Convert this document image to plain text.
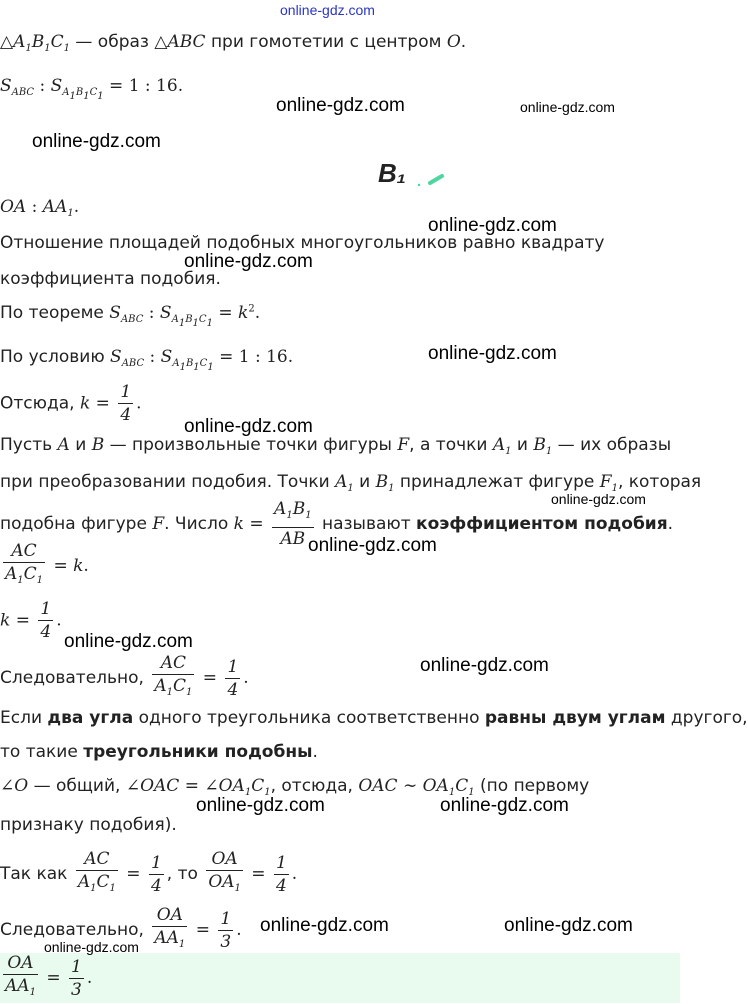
online-gdz.com
$\triangle A_1B_1C_1$ — образ △ABC при гомотетии с центром O.
$S_{ABC}$ : $S_{A_1B_1C_1} = 1$ : 16.
B₁
OA : $AA_1$.
Отношение площадей подобных многоугольников равно квадрату
коэффициента подобия.
По теореме $S_{ABC}$ : $S_{A_1B_1C_1} = k^2$.
По условию $S_{ABC}$ : $S_{A_1B_1C_1} = 1$ : 16.
Отсюда, $k = \frac{1}{4}$ .
Пусть A и B — произвольные точки фигуры F, а точки $A_1$ и $B_1$ — их образы
при преобразовании подобия. Точки $A_1$ и $B_1$ принадлежат фигуре $F_1$, которая
подобна фигуре F. Число $k = \frac{A_1B_1}{AB}$ называют коэффициентом подобия.
$\frac{AC}{A_1C_1} = k$.
$k = \frac{1}{4}$ .
Следовательно, $\frac{AC}{A_1C_1} = \frac{1}{4}$ .
Если два угла одного треугольника соответственно равны двум углам другого,
то такие треугольники подобны.
∠O — общий, ∠OAC = $\angle OA_1C_1$, отсюда, OAC ∼ $OA_1C_1$ (по первому
признаку подобия).
Так как $\frac{AC}{A_1C_1} = \frac{1}{4}$ , то $\frac{OA}{OA_1} = \frac{1}{4}$ .
Следовательно, $\frac{OA}{AA_1} = \frac{1}{3}$ .
$\frac{OA}{AA_1} = \frac{1}{3}$ .
online-gdz.com	online-gdz.com
online-gdz.com
online-gdz.com
online-gdz.com
online-gdz.com
online-gdz.com
online-gdz.com
online-gdz.com
online-gdz.com
online-gdz.com
online-gdz.com	online-gdz.com
online-gdz.com	online-gdz.com
online-gdz.com
